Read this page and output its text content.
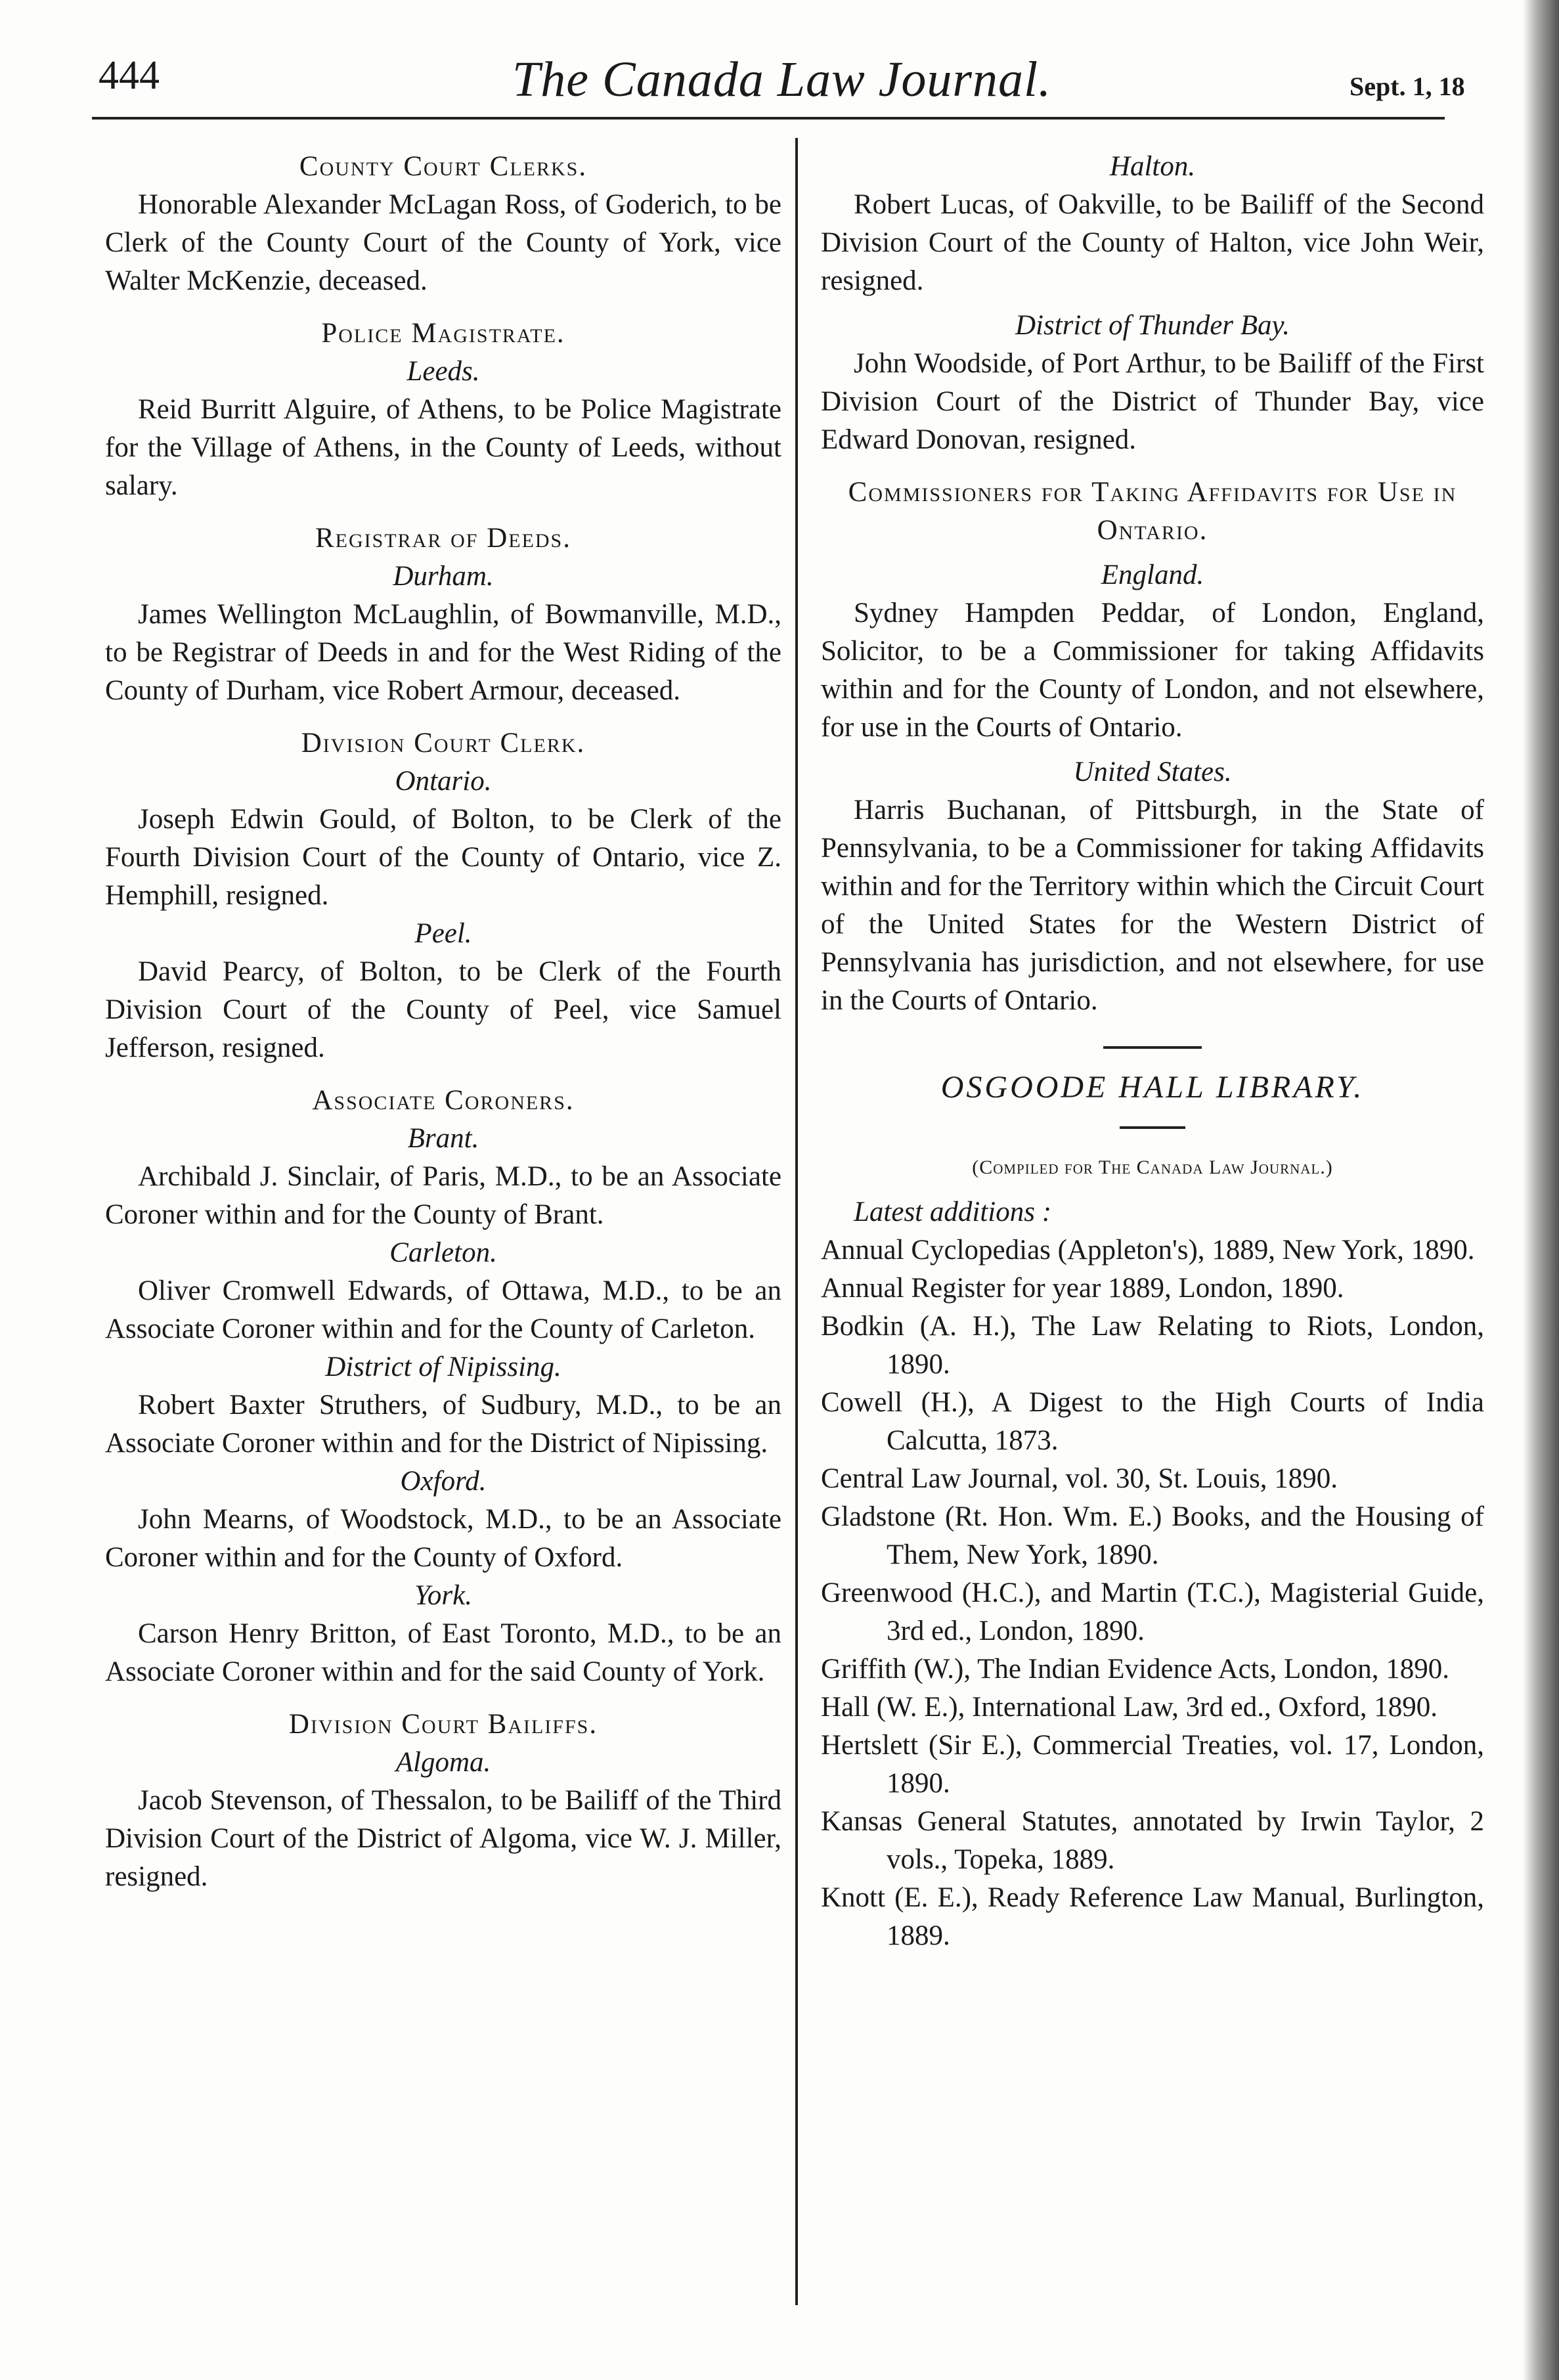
444	The Canada Law Journal.	Sept. 1, 18
County Court Clerks.
Honorable Alexander McLagan Ross, of Goderich, to be Clerk of the County Court of the County of York, vice Walter McKenzie, deceased.
Police Magistrate.
Leeds.
Reid Burritt Alguire, of Athens, to be Police Magistrate for the Village of Athens, in the County of Leeds, without salary.
Registrar of Deeds.
Durham.
James Wellington McLaughlin, of Bowmanville, M.D., to be Registrar of Deeds in and for the West Riding of the County of Durham, vice Robert Armour, deceased.
Division Court Clerk.
Ontario.
Joseph Edwin Gould, of Bolton, to be Clerk of the Fourth Division Court of the County of Ontario, vice Z. Hemphill, resigned.
Peel.
David Pearcy, of Bolton, to be Clerk of the Fourth Division Court of the County of Peel, vice Samuel Jefferson, resigned.
Associate Coroners.
Brant.
Archibald J. Sinclair, of Paris, M.D., to be an Associate Coroner within and for the County of Brant.
Carleton.
Oliver Cromwell Edwards, of Ottawa, M.D., to be an Associate Coroner within and for the County of Carleton.
District of Nipissing.
Robert Baxter Struthers, of Sudbury, M.D., to be an Associate Coroner within and for the District of Nipissing.
Oxford.
John Mearns, of Woodstock, M.D., to be an Associate Coroner within and for the County of Oxford.
York.
Carson Henry Britton, of East Toronto, M.D., to be an Associate Coroner within and for the said County of York.
Division Court Bailiffs.
Algoma.
Jacob Stevenson, of Thessalon, to be Bailiff of the Third Division Court of the District of Algoma, vice W. J. Miller, resigned.
Halton.
Robert Lucas, of Oakville, to be Bailiff of the Second Division Court of the County of Halton, vice John Weir, resigned.
District of Thunder Bay.
John Woodside, of Port Arthur, to be Bailiff of the First Division Court of the District of Thunder Bay, vice Edward Donovan, resigned.
Commissioners for Taking Affidavits for Use in Ontario.
England.
Sydney Hampden Peddar, of London, England, Solicitor, to be a Commissioner for taking Affidavits within and for the County of London, and not elsewhere, for use in the Courts of Ontario.
United States.
Harris Buchanan, of Pittsburgh, in the State of Pennsylvania, to be a Commissioner for taking Affidavits within and for the Territory within which the Circuit Court of the United States for the Western District of Pennsylvania has jurisdiction, and not elsewhere, for use in the Courts of Ontario.
OSGOODE HALL LIBRARY.
(Compiled for The Canada Law Journal.)
Latest additions :
Annual Cyclopedias (Appleton's), 1889, New York, 1890.
Annual Register for year 1889, London, 1890.
Bodkin (A. H.), The Law Relating to Riots, London, 1890.
Cowell (H.), A Digest to the High Courts of India Calcutta, 1873.
Central Law Journal, vol. 30, St. Louis, 1890.
Gladstone (Rt. Hon. Wm. E.) Books, and the Housing of Them, New York, 1890.
Greenwood (H.C.), and Martin (T.C.), Magisterial Guide, 3rd ed., London, 1890.
Griffith (W.), The Indian Evidence Acts, London, 1890.
Hall (W. E.), International Law, 3rd ed., Oxford, 1890.
Hertslett (Sir E.), Commercial Treaties, vol. 17, London, 1890.
Kansas General Statutes, annotated by Irwin Taylor, 2 vols., Topeka, 1889.
Knott (E. E.), Ready Reference Law Manual, Burlington, 1889.
